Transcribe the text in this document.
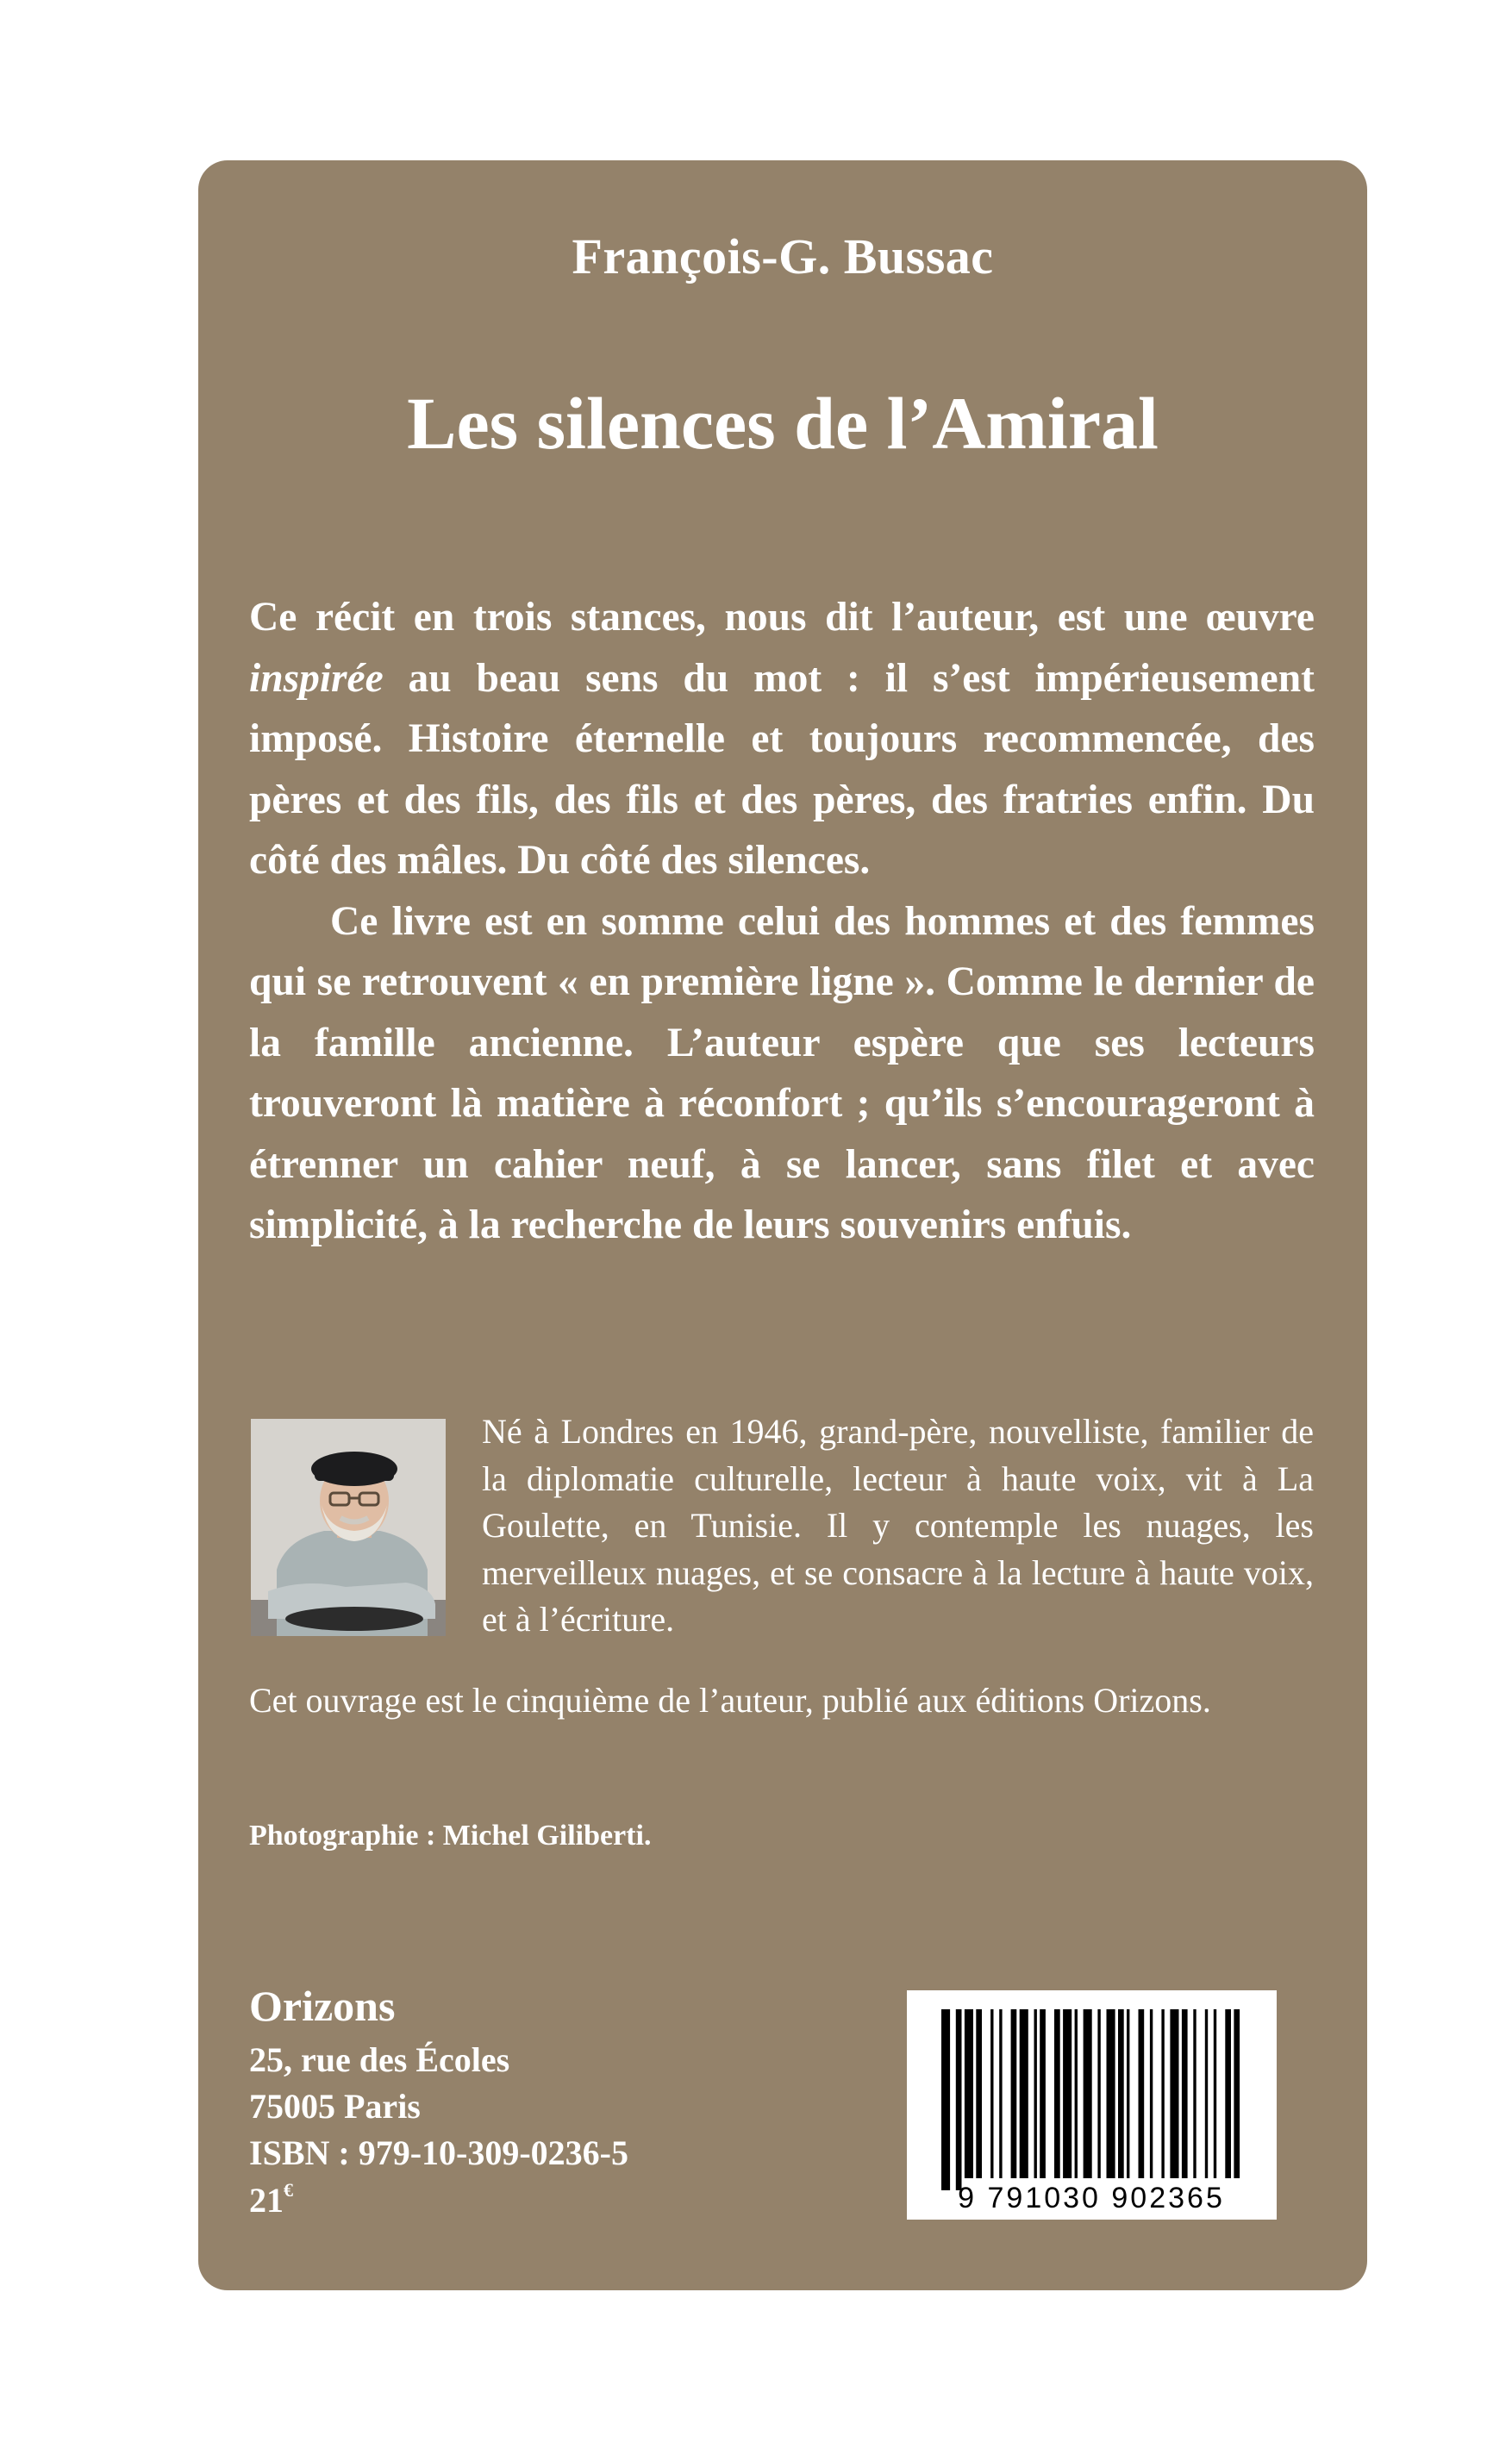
François-G. Bussac
Les silences de l’Amiral

Ce récit en trois stances, nous dit l’auteur, est une œuvre inspirée au beau sens du mot : il s’est impérieusement imposé. Histoire éternelle et toujours recommencée, des pères et des fils, des fils et des pères, des fratries enfin. Du côté des mâles. Du côté des silences.

Ce livre est en somme celui des hommes et des femmes qui se retrouvent « en première ligne ». Comme le dernier de la famille ancienne. L’auteur espère que ses lecteurs trouveront là matière à réconfort ; qu’ils s’encourageront à étrenner un cahier neuf, à se lancer, sans filet et avec simplicité, à la recherche de leurs souvenirs enfuis.

Né à Londres en 1946, grand-père, nouvelliste, familier de la diplomatie culturelle, lecteur à haute voix, vit à La Goulette, en Tunisie. Il y contemple les nuages, les merveilleux nuages, et se consacre à la lecture à haute voix, et à l’écriture.

Cet ouvrage est le cinquième de l’auteur, publié aux éditions Orizons.

Photographie : Michel Giliberti.
Orizons
25, rue des Écoles
75005 Paris
ISBN : 979-10-309-0236-5
21€	9 791030 902365
